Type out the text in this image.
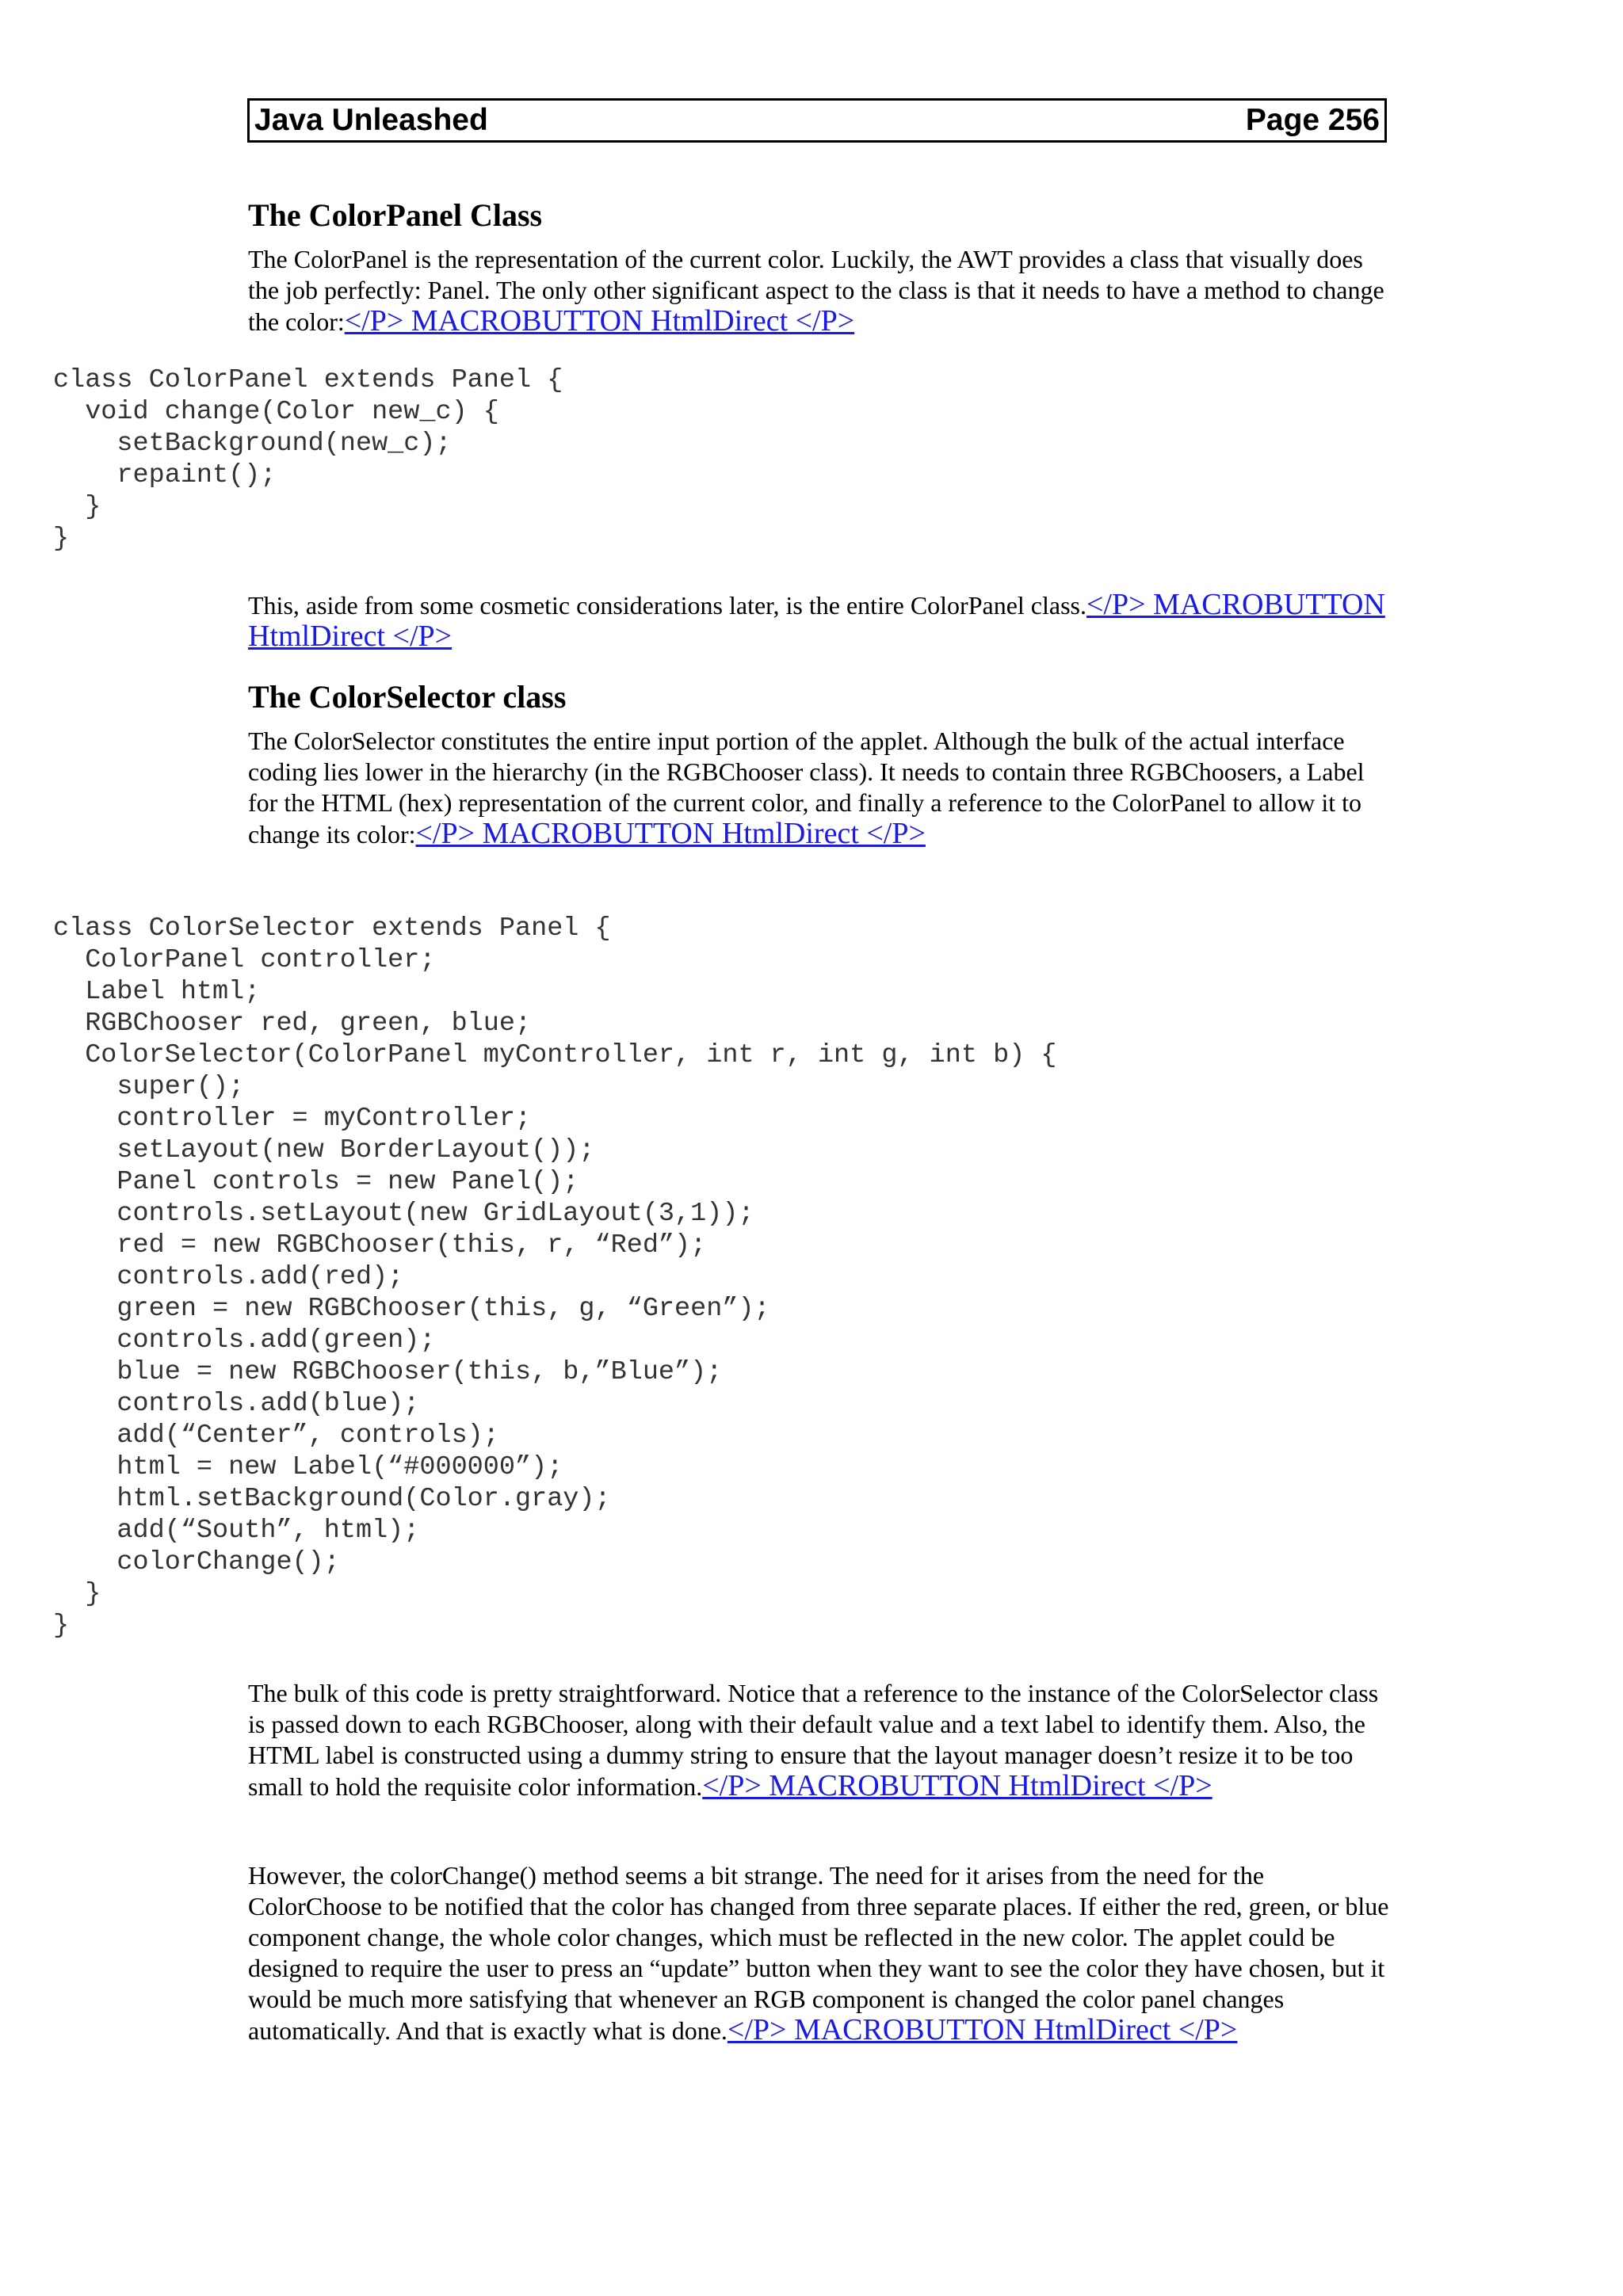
Java Unleashed	Page 256
The ColorPanel Class

The ColorPanel is the representation of the current color. Luckily, the AWT provides a class that visually does the job perfectly: Panel. The only other significant aspect to the class is that it needs to have a method to change the color:</P> MACROBUTTON HtmlDirect </P>

class ColorPanel extends Panel {
void change(Color new_c) {
setBackground(new_c);
repaint();
}
}

This, aside from some cosmetic considerations later, is the entire ColorPanel class.</P> MACROBUTTON HtmlDirect </P>

The ColorSelector class

The ColorSelector constitutes the entire input portion of the applet. Although the bulk of the actual interface coding lies lower in the hierarchy (in the RGBChooser class). It needs to contain three RGBChoosers, a Label for the HTML (hex) representation of the current color, and finally a reference to the ColorPanel to allow it to change its color:</P> MACROBUTTON HtmlDirect </P>

class ColorSelector extends Panel {
ColorPanel controller;
Label html;
RGBChooser red, green, blue;
ColorSelector(ColorPanel myController, int r, int g, int b) {
super();
controller = myController;
setLayout(new BorderLayout());
Panel controls = new Panel();
controls.setLayout(new GridLayout(3,1));
red = new RGBChooser(this, r, “Red”);
controls.add(red);
green = new RGBChooser(this, g, “Green”);
controls.add(green);
blue = new RGBChooser(this, b,”Blue”);
controls.add(blue);
add(“Center”, controls);
html = new Label(“#000000”);
html.setBackground(Color.gray);
add(“South”, html);
colorChange();
}
}

The bulk of this code is pretty straightforward. Notice that a reference to the instance of the ColorSelector class is passed down to each RGBChooser, along with their default value and a text label to identify them. Also, the HTML label is constructed using a dummy string to ensure that the layout manager doesn’t resize it to be too small to hold the requisite color information.</P> MACROBUTTON HtmlDirect </P>

However, the colorChange() method seems a bit strange. The need for it arises from the need for the ColorChoose to be notified that the color has changed from three separate places. If either the red, green, or blue component change, the whole color changes, which must be reflected in the new color. The applet could be designed to require the user to press an “update” button when they want to see the color they have chosen, but it would be much more satisfying that whenever an RGB component is changed the color panel changes automatically. And that is exactly what is done.</P> MACROBUTTON HtmlDirect </P>
